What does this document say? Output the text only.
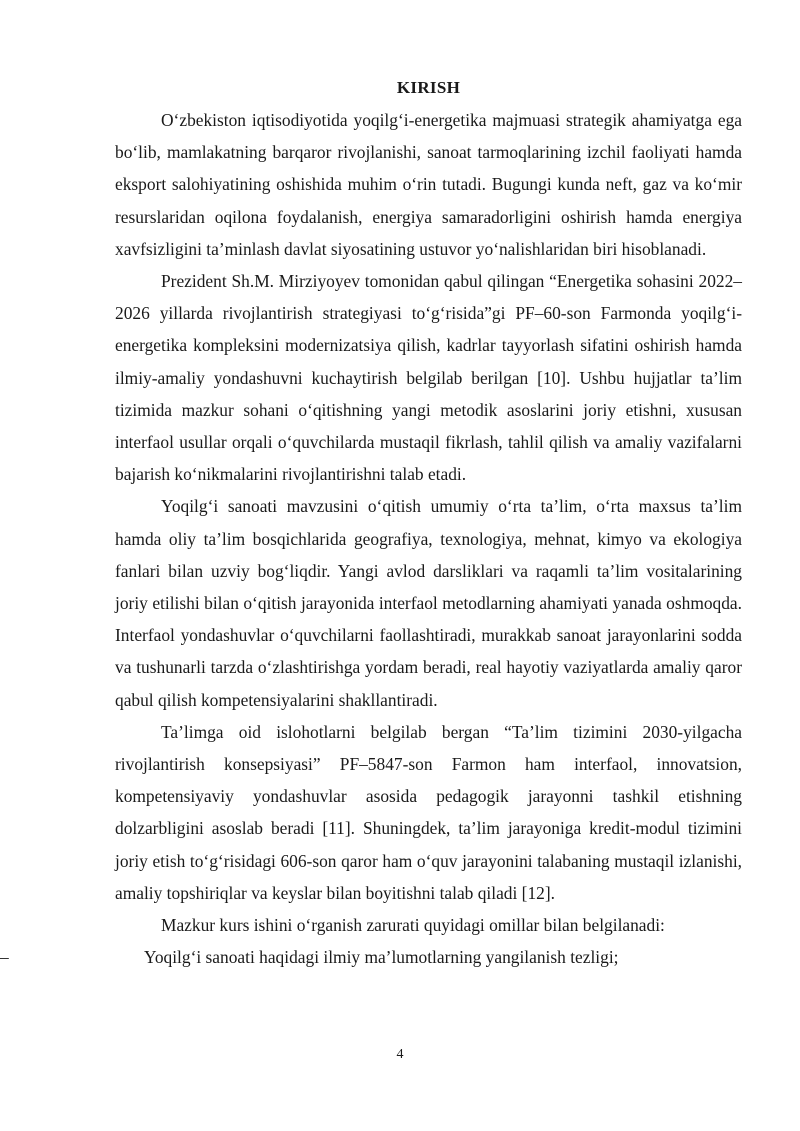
KIRISH

O‘zbekiston iqtisodiyotida yoqilg‘i-energetika majmuasi strategik ahamiyatga ega bo‘lib, mamlakatning barqaror rivojlanishi, sanoat tarmoqlarining izchil faoliyati hamda eksport salohiyatining oshishida muhim o‘rin tutadi. Bugungi kunda neft, gaz va ko‘mir resurslaridan oqilona foydalanish, energiya samaradorligini oshirish hamda energiya xavfsizligini ta’minlash davlat siyosatining ustuvor yo‘nalishlaridan biri hisoblanadi.

Prezident Sh.M. Mirziyoyev tomonidan qabul qilingan “Energetika sohasini 2022–2026 yillarda rivojlantirish strategiyasi to‘g‘risida”gi PF–60-son Farmonda yoqilg‘i-energetika kompleksini modernizatsiya qilish, kadrlar tayyorlash sifatini oshirish hamda ilmiy-amaliy yondashuvni kuchaytirish belgilab berilgan [10]. Ushbu hujjatlar ta’lim tizimida mazkur sohani o‘qitishning yangi metodik asoslarini joriy etishni, xususan interfaol usullar orqali o‘quvchilarda mustaqil fikrlash, tahlil qilish va amaliy vazifalarni bajarish ko‘nikmalarini rivojlantirishni talab etadi.

Yoqilg‘i sanoati mavzusini o‘qitish umumiy o‘rta ta’lim, o‘rta maxsus ta’lim hamda oliy ta’lim bosqichlarida geografiya, texnologiya, mehnat, kimyo va ekologiya fanlari bilan uzviy bog‘liqdir. Yangi avlod darsliklari va raqamli ta’lim vositalarining joriy etilishi bilan o‘qitish jarayonida interfaol metodlarning ahamiyati yanada oshmoqda. Interfaol yondashuvlar o‘quvchilarni faollashtiradi, murakkab sanoat jarayonlarini sodda va tushunarli tarzda o‘zlashtirishga yordam beradi, real hayotiy vaziyatlarda amaliy qaror qabul qilish kompetensiyalarini shakllantiradi.

Ta’limga oid islohotlarni belgilab bergan “Ta’lim tizimini 2030-yilgacha rivojlantirish konsepsiyasi” PF–5847-son Farmon ham interfaol, innovatsion, kompetensiyaviy yondashuvlar asosida pedagogik jarayonni tashkil etishning dolzarbligini asoslab beradi [11]. Shuningdek, ta’lim jarayoniga kredit-modul tizimini joriy etish to‘g‘risidagi 606-son qaror ham o‘quv jarayonini talabaning mustaqil izlanishi, amaliy topshiriqlar va keyslar bilan boyitishni talab qiladi [12].

Mazkur kurs ishini o‘rganish zarurati quyidagi omillar bilan belgilanadi:

–	Yoqilg‘i sanoati haqidagi ilmiy ma’lumotlarning yangilanish tezligi;
4
